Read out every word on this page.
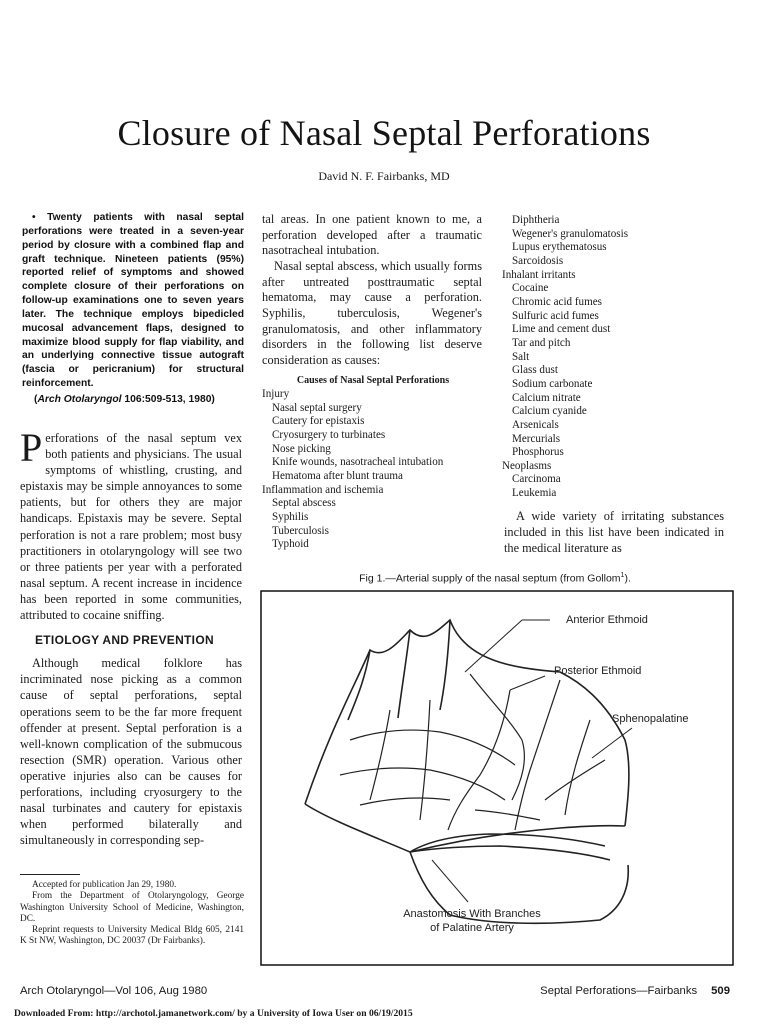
Closure of Nasal Septal Perforations
David N. F. Fairbanks, MD

• Twenty patients with nasal septal perforations were treated in a seven-year period by closure with a combined flap and graft technique. Nineteen patients (95%) reported relief of symptoms and showed complete closure of their perforations on follow-up examinations one to seven years later. The technique employs bipedicled mucosal advancement flaps, designed to maximize blood supply for flap viability, and an underlying connective tissue autograft (fascia or pericranium) for structural reinforcement.

(Arch Otolaryngol 106:509-513, 1980)

Perforations of the nasal septum vex both patients and physicians. The usual symptoms of whistling, crusting, and epistaxis may be simple annoyances to some patients, but for others they are major handicaps. Epistaxis may be severe. Septal perforation is not a rare problem; most busy practitioners in otolaryngology will see two or three patients per year with a perforated nasal septum. A recent increase in incidence has been reported in some communities, attributed to cocaine sniffing.

ETIOLOGY AND PREVENTION

Although medical folklore has incriminated nose picking as a common cause of septal perforations, septal operations seem to be the far more frequent offender at present. Septal perforation is a well-known complication of the submucous resection (SMR) operation. Various other operative injuries also can be causes for perforations, including cryosurgery to the nasal turbinates and cautery for epistaxis when performed bilaterally and simultaneously in corresponding sep-

Accepted for publication Jan 29, 1980.

From the Department of Otolaryngology, George Washington University School of Medicine, Washington, DC.

Reprint requests to University Medical Bldg 605, 2141 K St NW, Washington, DC 20037 (Dr Fairbanks).

tal areas. In one patient known to me, a perforation developed after a traumatic nasotracheal intubation.

Nasal septal abscess, which usually forms after untreated posttraumatic septal hematoma, may cause a perforation. Syphilis, tuberculosis, Wegener's granulomatosis, and other inflammatory disorders in the following list deserve consideration as causes:

Causes of Nasal Septal Perforations
Injury
Nasal septal surgery
Cautery for epistaxis
Cryosurgery to turbinates
Nose picking
Knife wounds, nasotracheal intubation
Hematoma after blunt trauma
Inflammation and ischemia
Septal abscess
Syphilis
Tuberculosis
Typhoid
Diphtheria
Wegener's granulomatosis
Lupus erythematosus
Sarcoidosis
Inhalant irritants
Cocaine
Chromic acid fumes
Sulfuric acid fumes
Lime and cement dust
Tar and pitch
Salt
Glass dust
Sodium carbonate
Calcium nitrate
Calcium cyanide
Arsenicals
Mercurials
Phosphorus
Neoplasms
Carcinoma
Leukemia

A wide variety of irritating substances included in this list have been indicated in the medical literature as

Fig 1.—Arterial supply of the nasal septum (from Gollom$^1$).
Anterior Ethmoid
Posterior Ethmoid
Sphenopalatine
Anastomosis With Branches
of Palatine Artery
Arch Otolaryngol—Vol 106, Aug 1980	Septal Perforations—Fairbanks 509
Downloaded From: http://archotol.jamanetwork.com/ by a University of Iowa User on 06/19/2015
